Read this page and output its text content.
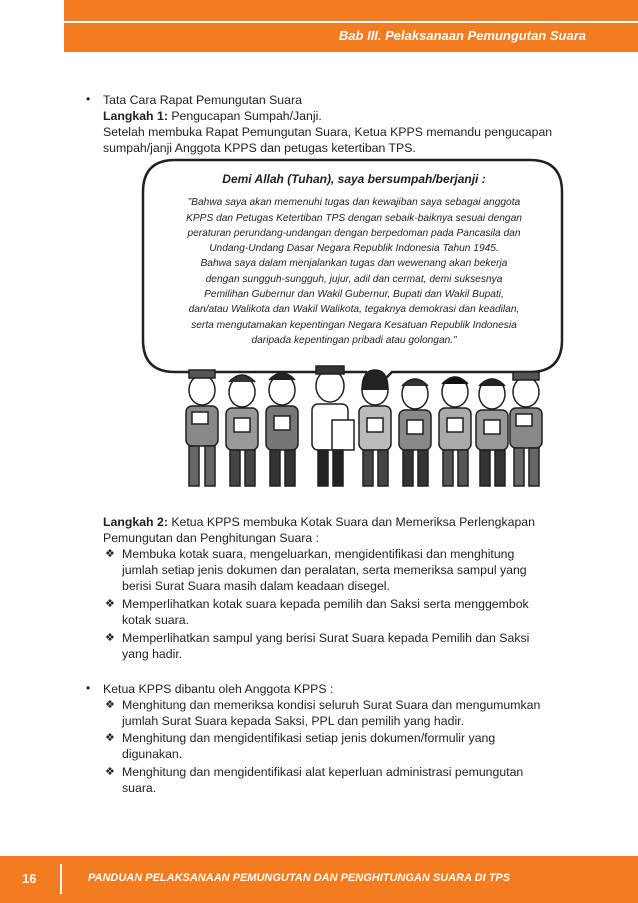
Bab III. Pelaksanaan Pemungutan Suara
• Tata Cara Rapat Pemungutan Suara
Langkah 1: Pengucapan Sumpah/Janji.
Setelah membuka Rapat Pemungutan Suara, Ketua KPPS memandu pengucapan
sumpah/janji Anggota KPPS dan petugas ketertiban TPS.
Demi Allah (Tuhan), saya bersumpah/berjanji :
”Bahwa saya akan memenuhi tugas dan kewajiban saya sebagai anggota
KPPS dan Petugas Ketertiban TPS dengan sebaik-baiknya sesuai dengan
peraturan perundang-undangan dengan berpedoman pada Pancasila dan
Undang-Undang Dasar Negara Republik Indonesia Tahun 1945.
Bahwa saya dalam menjalankan tugas dan wewenang akan bekerja
dengan sungguh-sungguh, jujur, adil dan cermat, demi suksesnya
Pemilihan Gubernur dan Wakil Gubernur, Bupati dan Wakil Bupati,
dan/atau Walikota dan Wakil Walikota, tegaknya demokrasi dan keadilan,
serta mengutamakan kepentingan Negara Kesatuan Republik Indonesia
daripada kepentingan pribadi atau golongan.”
Langkah 2: Ketua KPPS membuka Kotak Suara dan Memeriksa Perlengkapan
Pemungutan dan Penghitungan Suara :
❖ Membuka kotak suara, mengeluarkan, mengidentifikasi dan menghitung
jumlah setiap jenis dokumen dan peralatan, serta memeriksa sampul yang
berisi Surat Suara masih dalam keadaan disegel.
❖ Memperlihatkan kotak suara kepada pemilih dan Saksi serta menggembok
kotak suara.
❖ Memperlihatkan sampul yang berisi Surat Suara kepada Pemilih dan Saksi
yang hadir.
• Ketua KPPS dibantu oleh Anggota KPPS :
❖ Menghitung dan memeriksa kondisi seluruh Surat Suara dan mengumumkan
jumlah Surat Suara kepada Saksi, PPL dan pemilih yang hadir.
❖ Menghitung dan mengidentifikasi setiap jenis dokumen/formulir yang
digunakan.
❖ Menghitung dan mengidentifikasi alat keperluan administrasi pemungutan
suara.
16	PANDUAN PELAKSANAAN PEMUNGUTAN DAN PENGHITUNGAN SUARA DI TPS
